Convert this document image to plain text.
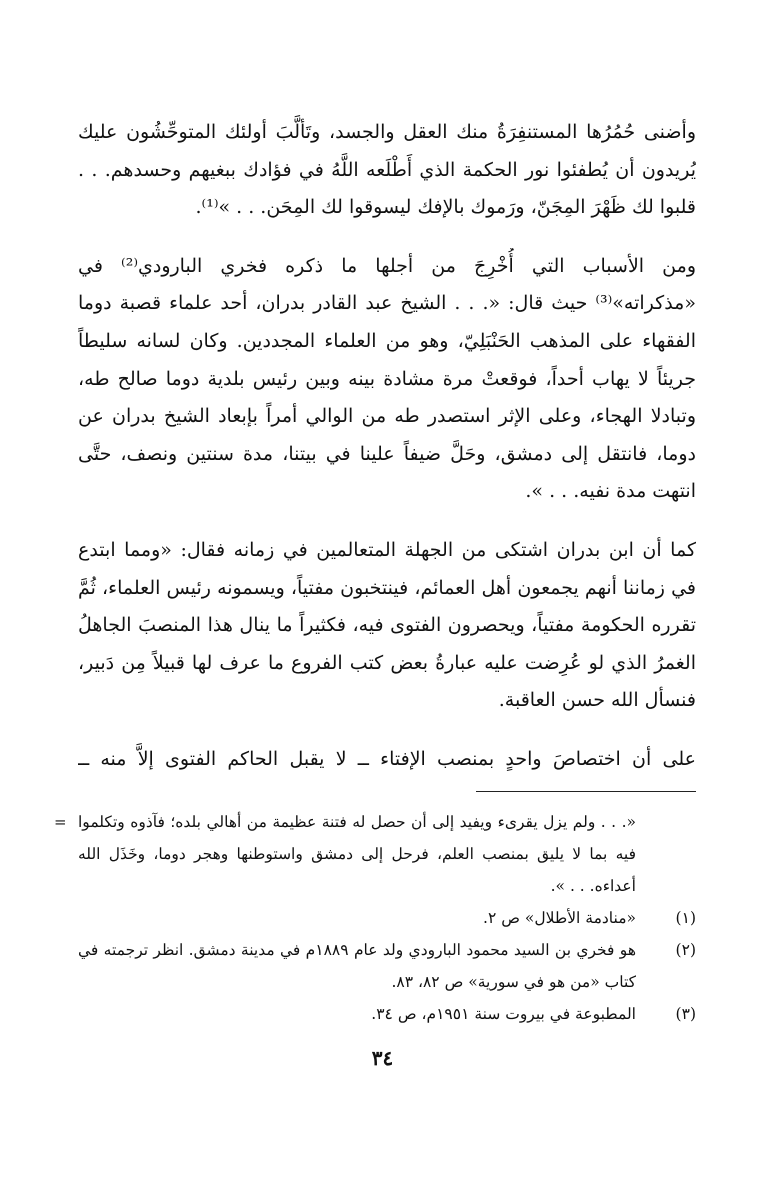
وأضنى حُمُرُها المستنفِرَةُ منك العقل والجسد، وتَألَّبَ أولئك المتوحِّشُون عليك
يُريدون أن يُطفئوا نور الحكمة الذي أَطْلَعه اللَّهُ في فؤادك ببغيهم وحسدهم. . .
قلبوا لك ظَهْرَ المِجَنّ، ورَموك بالإفك ليسوقوا لك المِحَن. . . »⁽¹⁾.

ومن الأسباب التي أُخْرِجَ من أجلها ما ذكره فخري البارودي⁽²⁾ في
«مذكراته»⁽³⁾ حيث قال: «. . . الشيخ عبد القادر بدران، أحد علماء قصبة دوما
الفقهاء على المذهب الحَنْبَلِيّ، وهو من العلماء المجددين. وكان لسانه سليطاً
جريئاً لا يهاب أحداً، فوقعتْ مرة مشادة بينه وبين رئيس بلدية دوما صالح طه،
وتبادلا الهجاء، وعلى الإثر استصدر طه من الوالي أمراً بإبعاد الشيخ بدران عن
دوما، فانتقل إلى دمشق، وحَلَّ ضيفاً علينا في بيتنا، مدة سنتين ونصف، حتَّى
انتهت مدة نفيه. . . ».

كما أن ابن بدران اشتكى من الجهلة المتعالمين في زمانه فقال: «ومما ابتدع
في زماننا أنهم يجمعون أهل العمائم، فينتخبون مفتياً، ويسمونه رئيس العلماء، ثُمَّ
تقرره الحكومة مفتياً، ويحصرون الفتوى فيه، فكثيراً ما ينال هذا المنصبَ الجاهلُ
الغمرُ الذي لو عُرِضت عليه عبارةُ بعض كتب الفروع ما عرف لها قبيلاً مِن دَبير،
فنسأل الله حسن العاقبة.

على أن اختصاصَ واحدٍ بمنصب الإفتاء ــ لا يقبل الحاكم الفتوى إلاَّ منه ــ

= «. . . ولم يزل يقرىء ويفيد إلى أن حصل له فتنة عظيمة من أهالي بلده؛ فآذوه وتكلموا
فيه بما لا يليق بمنصب العلم، فرحل إلى دمشق واستوطنها وهجر دوما، وخَذَل الله
أعداءه. . . ».
(١)
«منادمة الأطلال» ص ٢.
(٢)
هو فخري بن السيد محمود البارودي ولد عام ١٨٨٩م في مدينة دمشق. انظر ترجمته في
كتاب «من هو في سورية» ص ٨٢، ٨٣.
(٣)
المطبوعة في بيروت سنة ١٩٥١م، ص ٣٤.
٣٤
